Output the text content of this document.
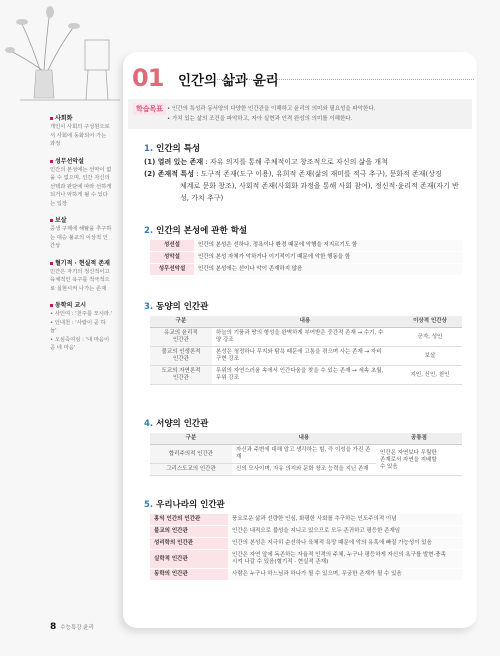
사회화
개인이 사회의 구성원으로
서 사회에 동화되어 가는
과정
성무선악설
인간의 본성에는 선악이 없
을 수 없으며, 인간 자신의
선택과 판단에 따라 선하게
되거나 악하게 될 수 있다
는 입장
보살
중생 구제에 해탈을 추구하
는 대승 불교의 이상적 인
간상
혈기적 · 현실적 존재
인간은 자기의 정신적이고
육체적인 욕구를 적극적으
로 실현시켜 나가는 존재
동학의 교시
• 사인여 : '천주를 모시라.'
• 인내천 : '사람이 곧 하
늘'
• 오심즉여심 : '내 마음이
곧 네 마음'
01 인간의 삶과 윤리
학습목표 • 인간의 특성과 동서양의 다양한 인간관을 이해하고 윤리의 의미와 필요성을 파악한다.
• 가치 있는 삶의 조건을 파악하고, 자아 실현과 인격 완성의 의미를 이해한다.
1. 인간의 특성
(1) 열려 있는 존재 : 자유 의지를 통해 주체적이고 창조적으로 자신의 삶을 개척
(2) 존재적 특성 : 도구적 존재(도구 이용), 유희적 존재(삶의 재미를 적극 추구), 문화적 존재(상징
체계로 문화 창조), 사회적 존재(사회화 과정을 통해 사회 참여), 정신적·윤리적 존재(자기 반
성, 가치 추구)
2. 인간의 본성에 관한 학설
성선설	인간의 본성은 선하나, 정욕이나 환경 때문에 악행을 저지르기도 함
성악설	인간의 본성 자체가 악하거나 이기적이기 때문에 악한 행동을 함
성무선악설	인간의 본성에는 선이나 악이 존재하지 않음
3. 동양의 인간관
구분	내용	이상적 인간상
유교의 윤리적
인간관	하늘의 기품과 땅의 형성을 완벽하게 부여받은 중간적 존재 → 수기, 수
양 강조	군자, 성인
불교의 인생론적
인간관	본성은 청정하나 무지와 탐욕 때문에 고통을 겪으며 사는 존재 → 자비
구현 강조	보살
도교의 자연론적
인간관	무위의 자연스러움 속에서 인간다움을 찾을 수 있는 존재 → 세속 초월,
무위 강조	지인, 신인, 천인
4. 서양의 인간관
구분	내용	공통점
합리주의적 인간관	자신과 주변에 대해 알고 생각하는 힘, 즉 이성을 가진 존
재	인간은 자연보다 우월한
존재로서 자연을 지배할
수 있음
그리스도교의 인간관	신의 모사이며, 자유 의지와 문화 창조 능력을 지닌 존재	
5. 우리나라의 인간관
홍익 인간의 인간관	풍요로운 삶과 선량한 인심, 화평한 사회를 추구하는 인도주의적 이념
불교의 인간관	인간은 내적으로 불성을 지니고 있으므로 모두 존귀하고 평등한 존재임
성리학의 인간관	인간의 본성은 지극히 순선하나 육체적 욕망 때문에 악의 유혹에 빠질 가능성이 있음
실학적 인간관	인간은 자연 앞에 독존하는 자율적 인격의 주체, 누구나 평등하게 자신의 욕구를 발현·충족
시켜 나갈 수 있음(혈기적 · 현실적 존재)
동학의 인간관	사람은 누구나 하느님과 하나가 될 수 있으며, 무궁한 존재가 될 수 있음
8 수능특강 윤리
